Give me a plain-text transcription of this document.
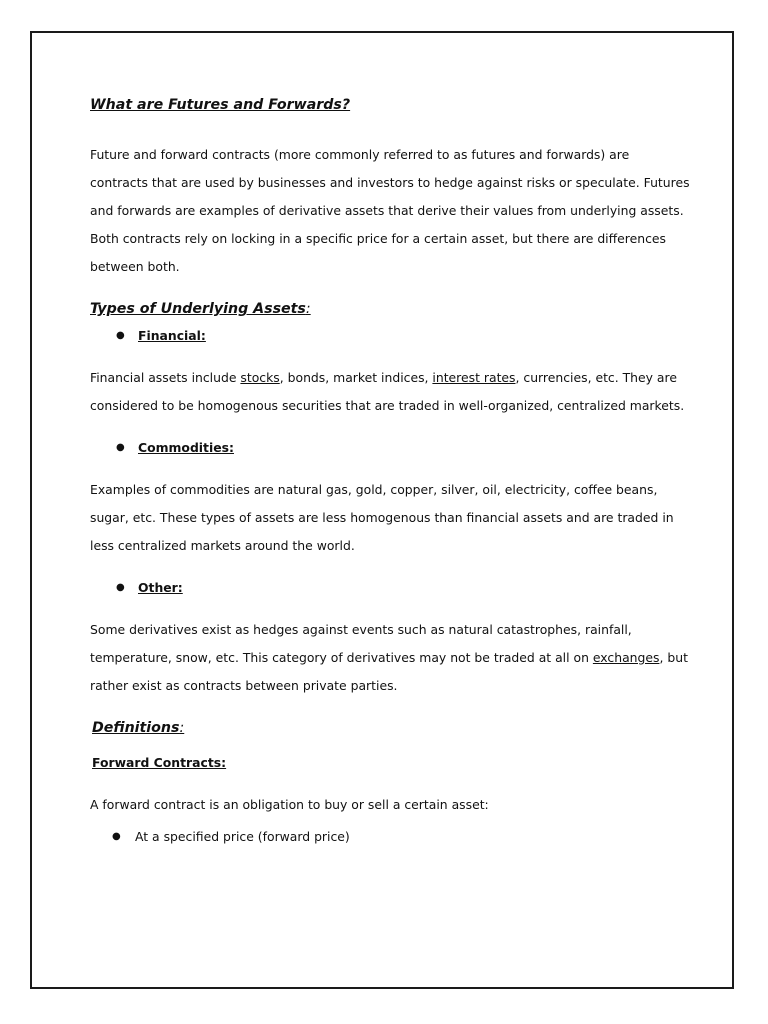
What are Futures and Forwards?

Future and forward contracts (more commonly referred to as futures and forwards) are contracts that are used by businesses and investors to hedge against risks or speculate. Futures and forwards are examples of derivative assets that derive their values from underlying assets. Both contracts rely on locking in a specific price for a certain asset, but there are differences between both.

Types of Underlying Assets:
● Financial:

Financial assets include stocks, bonds, market indices, interest rates, currencies, etc. They are considered to be homogenous securities that are traded in well-organized, centralized markets.

● Commodities:

Examples of commodities are natural gas, gold, copper, silver, oil, electricity, coffee beans, sugar, etc. These types of assets are less homogenous than financial assets and are traded in less centralized markets around the world.

● Other:

Some derivatives exist as hedges against events such as natural catastrophes, rainfall, temperature, snow, etc. This category of derivatives may not be traded at all on exchanges, but rather exist as contracts between private parties.

Definitions:
Forward Contracts:

A forward contract is an obligation to buy or sell a certain asset:

● At a specified price (forward price)
